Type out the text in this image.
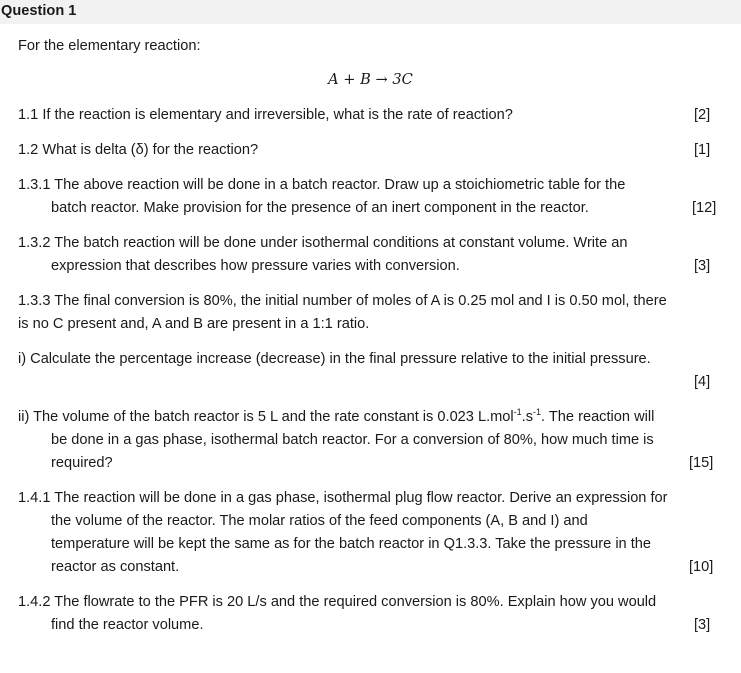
Question 1
For the elementary reaction:
A + B → 3C
1.1 If the reaction is elementary and irreversible, what is the rate of reaction?	[2]
1.2 What is delta (δ) for the reaction?	[1]
1.3.1 The above reaction will be done in a batch reactor. Draw up a stoichiometric table for the
batch reactor. Make provision for the presence of an inert component in the reactor.	[12]
1.3.2 The batch reaction will be done under isothermal conditions at constant volume. Write an
expression that describes how pressure varies with conversion.	[3]
1.3.3 The final conversion is 80%, the initial number of moles of A is 0.25 mol and I is 0.50 mol, there
is no C present and, A and B are present in a 1:1 ratio.
i) Calculate the percentage increase (decrease) in the final pressure relative to the initial pressure.
[4]
ii) The volume of the batch reactor is 5 L and the rate constant is 0.023 $L.mol^{-1}.s^{-1}$. The reaction will
be done in a gas phase, isothermal batch reactor. For a conversion of 80%, how much time is
required?	[15]
1.4.1 The reaction will be done in a gas phase, isothermal plug flow reactor. Derive an expression for
the volume of the reactor. The molar ratios of the feed components (A, B and I) and
temperature will be kept the same as for the batch reactor in Q1.3.3. Take the pressure in the
reactor as constant.	[10]
1.4.2 The flowrate to the PFR is 20 L/s and the required conversion is 80%. Explain how you would
find the reactor volume.	[3]
